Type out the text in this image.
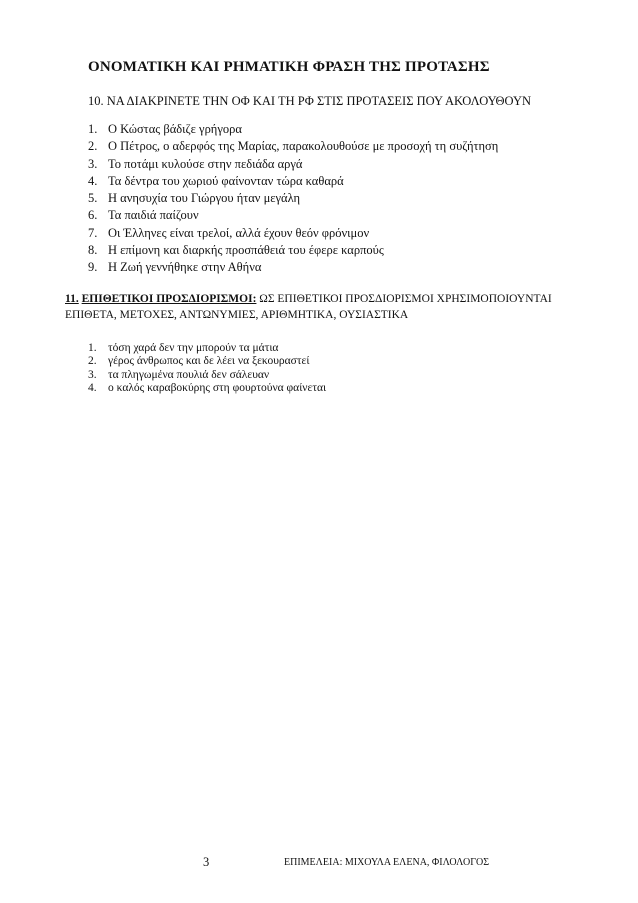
ΟΝΟΜΑΤΙΚΗ ΚΑΙ ΡΗΜΑΤΙΚΗ ΦΡΑΣΗ ΤΗΣ ΠΡΟΤΑΣΗΣ
10. ΝΑ ΔΙΑΚΡΙΝΕΤΕ ΤΗΝ ΟΦ ΚΑΙ ΤΗ ΡΦ ΣΤΙΣ ΠΡΟΤΑΣΕΙΣ ΠΟΥ ΑΚΟΛΟΥΘΟΥΝ
1. Ο Κώστας βάδιζε γρήγορα
2. Ο Πέτρος, ο αδερφός της Μαρίας, παρακολουθούσε με προσοχή τη συζήτηση
3. Το ποτάμι κυλούσε στην πεδιάδα αργά
4. Τα δέντρα του χωριού φαίνονταν τώρα καθαρά
5. Η ανησυχία του Γιώργου ήταν μεγάλη
6. Τα παιδιά παίζουν
7. Οι Έλληνες είναι τρελοί, αλλά έχουν θεόν φρόνιμον
8. Η επίμονη και διαρκής προσπάθειά του έφερε καρπούς
9. Η Ζωή γεννήθηκε στην Αθήνα
11. ΕΠΙΘΕΤΙΚΟΙ ΠΡΟΣΔΙΟΡΙΣΜΟΙ: ΩΣ ΕΠΙΘΕΤΙΚΟΙ ΠΡΟΣΔΙΟΡΙΣΜΟΙ ΧΡΗΣΙΜΟΠΟΙΟΥΝΤΑΙ
ΕΠΙΘΕΤΑ, ΜΕΤΟΧΕΣ, ΑΝΤΩΝΥΜΙΕΣ, ΑΡΙΘΜΗΤΙΚΑ, ΟΥΣΙΑΣΤΙΚΑ
1. τόση χαρά δεν την μπορούν τα μάτια
2. γέρος άνθρωπος και δε λέει να ξεκουραστεί
3. τα πληγωμένα πουλιά δεν σάλευαν
4. ο καλός καραβοκύρης στη φουρτούνα φαίνεται
3	ΕΠΙΜΕΛΕΙΑ: ΜΙΧΟΥΛΑ ΕΛΕΝΑ, ΦΙΛΟΛΟΓΟΣ
